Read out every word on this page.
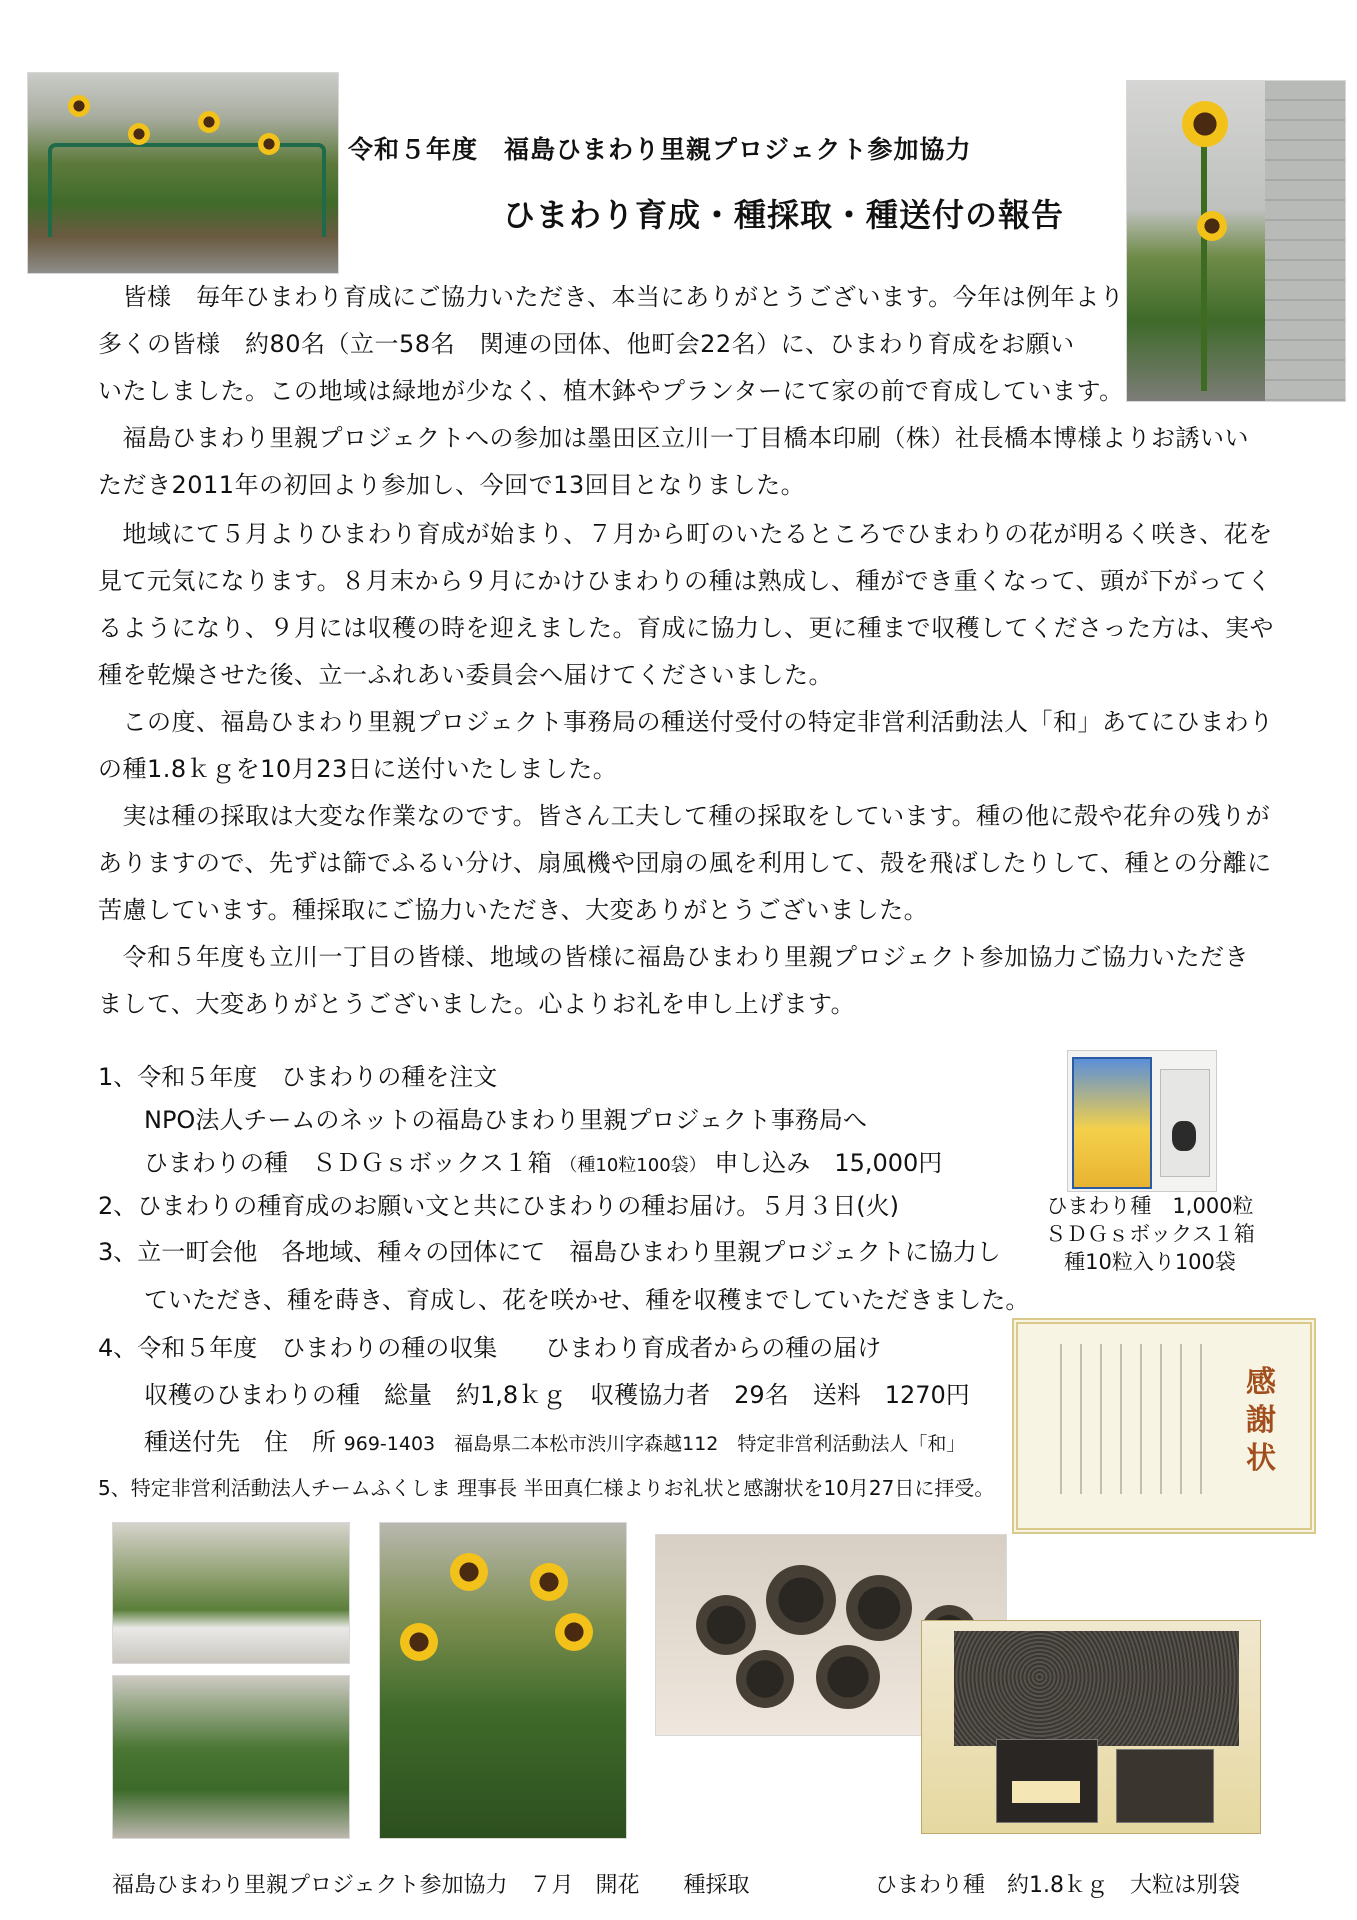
令和５年度　福島ひまわり里親プロジェクト参加協力
ひまわり育成・種採取・種送付の報告
　皆様　毎年ひまわり育成にご協力いただき、本当にありがとうございます。今年は例年より
多くの皆様　約80名（立一58名　関連の団体、他町会22名）に、ひまわり育成をお願い
いたしました。この地域は緑地が少なく、植木鉢やプランターにて家の前で育成しています。
　福島ひまわり里親プロジェクトへの参加は墨田区立川一丁目橋本印刷（株）社長橋本博様よりお誘いい
ただき2011年の初回より参加し、今回で13回目となりました。
　地域にて５月よりひまわり育成が始まり、７月から町のいたるところでひまわりの花が明るく咲き、花を
見て元気になります。８月末から９月にかけひまわりの種は熟成し、種ができ重くなって、頭が下がってく
るようになり、９月には収穫の時を迎えました。育成に協力し、更に種まで収穫してくださった方は、実や
種を乾燥させた後、立一ふれあい委員会へ届けてくださいました。
　この度、福島ひまわり里親プロジェクト事務局の種送付受付の特定非営利活動法人「和」あてにひまわり
の種1.8ｋｇを10月23日に送付いたしました。
　実は種の採取は大変な作業なのです。皆さん工夫して種の採取をしています。種の他に殻や花弁の残りが
ありますので、先ずは篩でふるい分け、扇風機や団扇の風を利用して、殻を飛ばしたりして、種との分離に
苦慮しています。種採取にご協力いただき、大変ありがとうございました。
　令和５年度も立川一丁目の皆様、地域の皆様に福島ひまわり里親プロジェクト参加協力ご協力いただき
まして、大変ありがとうございました。心よりお礼を申し上げます。
1、令和５年度　ひまわりの種を注文
NPO法人チームのネットの福島ひまわり里親プロジェクト事務局へ
ひまわりの種　ＳＤＧｓボックス１箱 （種10粒100袋） 申し込み　15,000円
2、ひまわりの種育成のお願い文と共にひまわりの種お届け。５月３日(火)
3、立一町会他　各地域、種々の団体にて　福島ひまわり里親プロジェクトに協力し
ていただき、種を蒔き、育成し、花を咲かせ、種を収穫までしていただきました。
4、令和５年度　ひまわりの種の収集　　ひまわり育成者からの種の届け
収穫のひまわりの種　総量　約1,8ｋｇ　収穫協力者　29名　送料　1270円
種送付先　住　所 969-1403　福島県二本松市渋川字森越112　特定非営利活動法人「和」
5、特定非営利活動法人チームふくしま 理事長 半田真仁様よりお礼状と感謝状を10月27日に拝受。
ひまわり種　1,000粒
ＳＤＧｓボックス１箱
種10粒入り100袋
感謝状
福島ひまわり里親プロジェクト参加協力　７月　開花　　種採取	ひまわり種　約1.8ｋｇ　大粒は別袋
